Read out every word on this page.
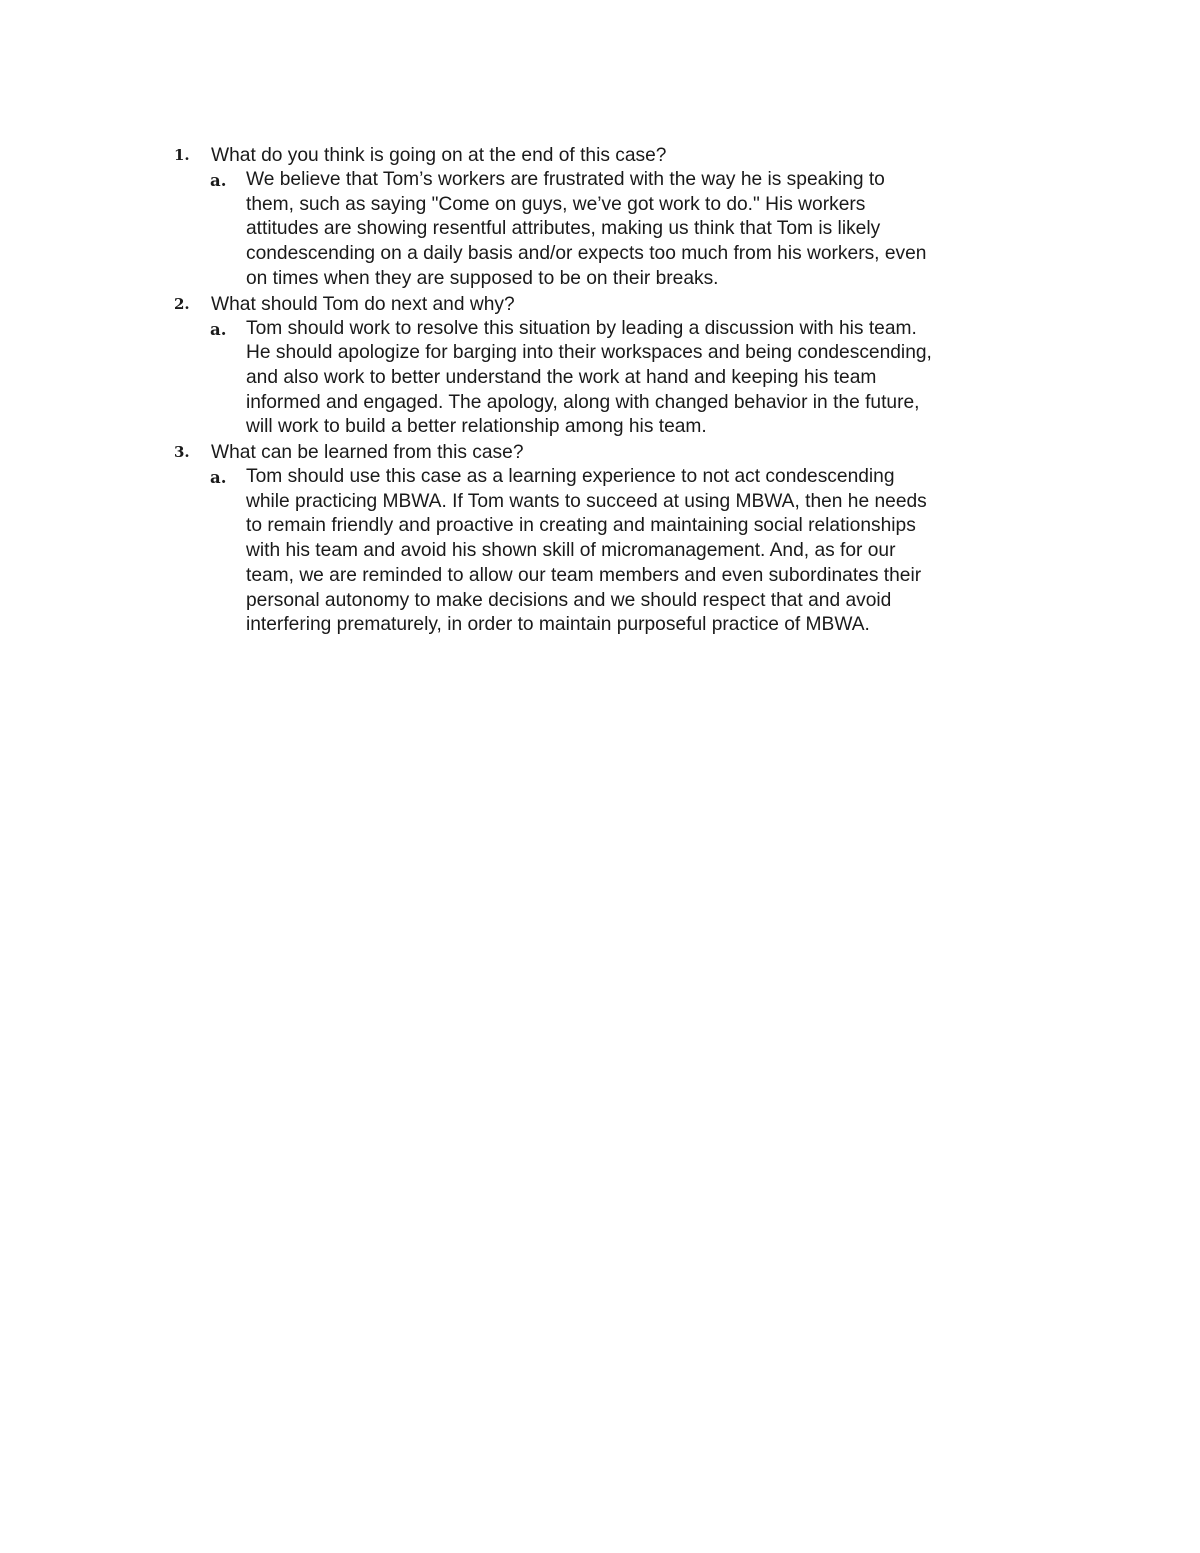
1.	What do you think is going on at the end of this case?
a. We believe that Tom’s workers are frustrated with the way he is speaking to
them, such as saying "Come on guys, we’ve got work to do." His workers
attitudes are showing resentful attributes, making us think that Tom is likely
condescending on a daily basis and/or expects too much from his workers, even
on times when they are supposed to be on their breaks.
2.	What should Tom do next and why?
a. Tom should work to resolve this situation by leading a discussion with his team.
He should apologize for barging into their workspaces and being condescending,
and also work to better understand the work at hand and keeping his team
informed and engaged. The apology, along with changed behavior in the future,
will work to build a better relationship among his team.
3.	What can be learned from this case?
a. Tom should use this case as a learning experience to not act condescending
while practicing MBWA. If Tom wants to succeed at using MBWA, then he needs
to remain friendly and proactive in creating and maintaining social relationships
with his team and avoid his shown skill of micromanagement. And, as for our
team, we are reminded to allow our team members and even subordinates their
personal autonomy to make decisions and we should respect that and avoid
interfering prematurely, in order to maintain purposeful practice of MBWA.
